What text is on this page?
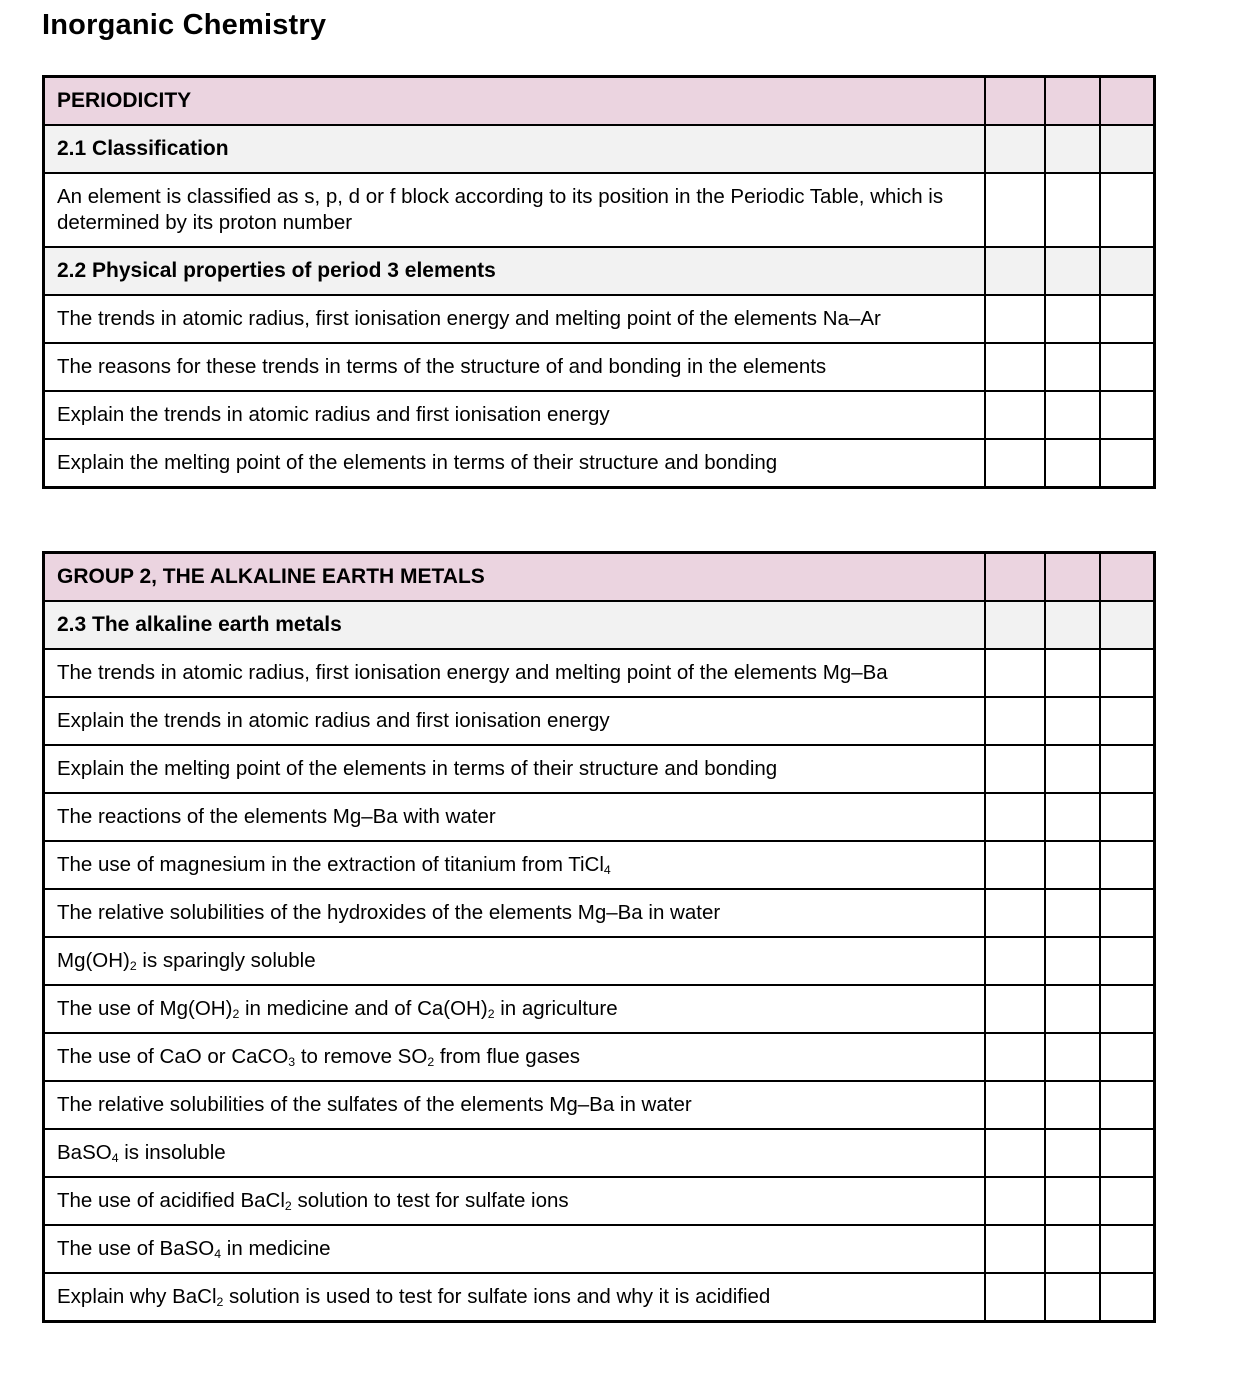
Inorganic Chemistry
PERIODICITY			
2.1 Classification			
An element is classified as s, p, d or f block according to its position in the Periodic Table, which is determined by its proton number			
2.2 Physical properties of period 3 elements			
The trends in atomic radius, first ionisation energy and melting point of the elements Na–Ar			
The reasons for these trends in terms of the structure of and bonding in the elements			
Explain the trends in atomic radius and first ionisation energy			
Explain the melting point of the elements in terms of their structure and bonding			
GROUP 2, THE ALKALINE EARTH METALS			
2.3 The alkaline earth metals			
The trends in atomic radius, first ionisation energy and melting point of the elements Mg–Ba			
Explain the trends in atomic radius and first ionisation energy			
Explain the melting point of the elements in terms of their structure and bonding			
The reactions of the elements Mg–Ba with water			
The use of magnesium in the extraction of titanium from TiCl$_4$			
The relative solubilities of the hydroxides of the elements Mg–Ba in water			
$Mg(OH)_2$ is sparingly soluble			
The use of $Mg(OH)_2$ in medicine and of $Ca(OH)_2$ in agriculture			
The use of CaO or CaCO$_3$ to remove $SO_2$ from flue gases			
The relative solubilities of the sulfates of the elements Mg–Ba in water			
BaSO$_4$ is insoluble			
The use of acidified BaCl$_2$ solution to test for sulfate ions			
The use of BaSO$_4$ in medicine			
Explain why BaCl$_2$ solution is used to test for sulfate ions and why it is acidified			
